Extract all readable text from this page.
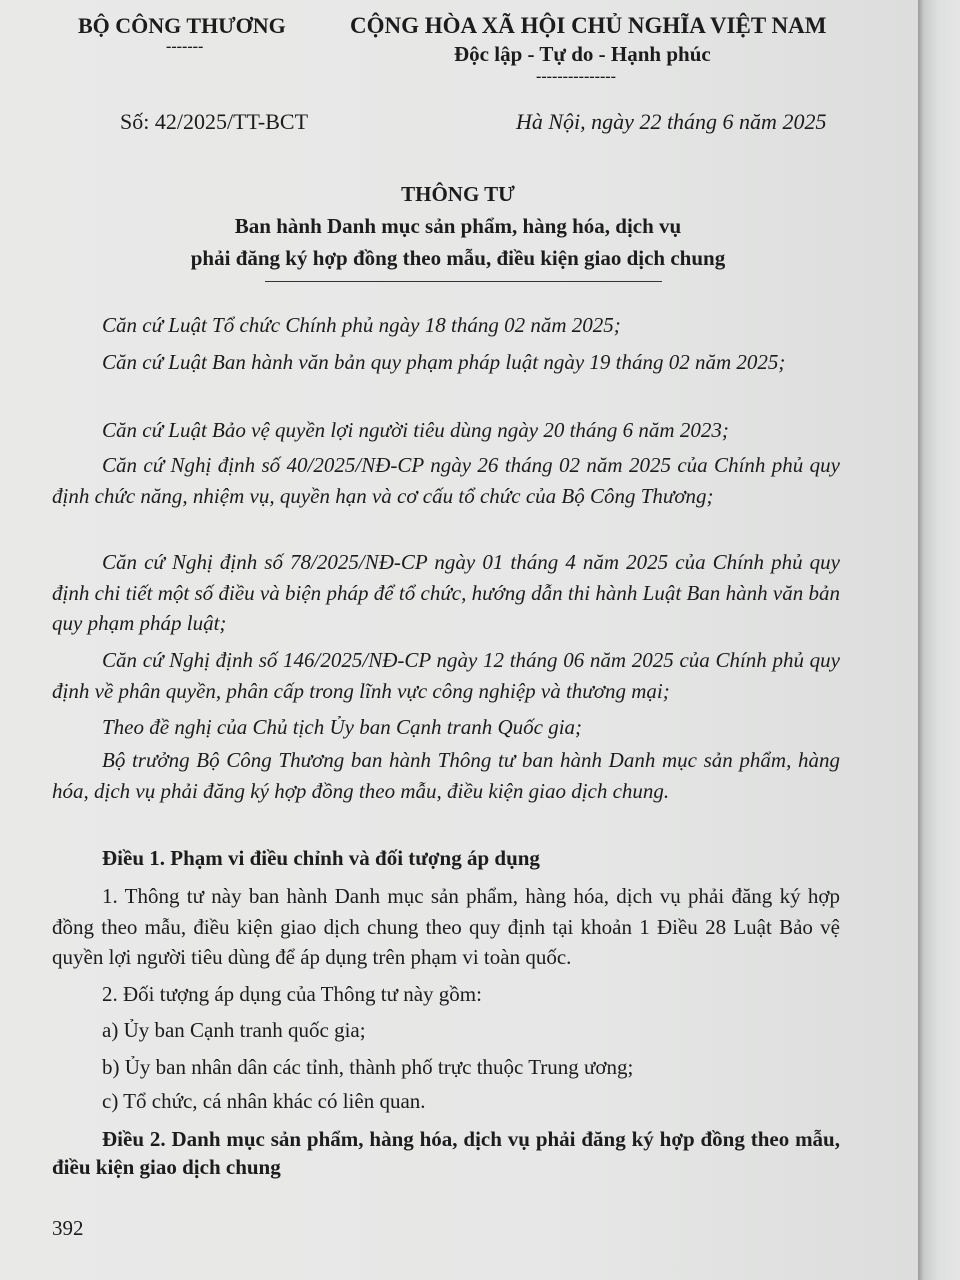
BỘ CÔNG THƯƠNG
-------
CỘNG HÒA XÃ HỘI CHỦ NGHĨA VIỆT NAM
Độc lập - Tự do - Hạnh phúc
---------------
Số: 42/2025/TT-BCT	Hà Nội, ngày 22 tháng 6 năm 2025
THÔNG TƯ
Ban hành Danh mục sản phẩm, hàng hóa, dịch vụ
phải đăng ký hợp đồng theo mẫu, điều kiện giao dịch chung
Căn cứ Luật Tổ chức Chính phủ ngày 18 tháng 02 năm 2025;
Căn cứ Luật Ban hành văn bản quy phạm pháp luật ngày 19 tháng 02 năm 2025;
Căn cứ Luật Bảo vệ quyền lợi người tiêu dùng ngày 20 tháng 6 năm 2023;
Căn cứ Nghị định số 40/2025/NĐ-CP ngày 26 tháng 02 năm 2025 của Chính phủ quy định chức năng, nhiệm vụ, quyền hạn và cơ cấu tổ chức của Bộ Công Thương;
Căn cứ Nghị định số 78/2025/NĐ-CP ngày 01 tháng 4 năm 2025 của Chính phủ quy định chi tiết một số điều và biện pháp để tổ chức, hướng dẫn thi hành Luật Ban hành văn bản quy phạm pháp luật;
Căn cứ Nghị định số 146/2025/NĐ-CP ngày 12 tháng 06 năm 2025 của Chính phủ quy định về phân quyền, phân cấp trong lĩnh vực công nghiệp và thương mại;
Theo đề nghị của Chủ tịch Ủy ban Cạnh tranh Quốc gia;
Bộ trưởng Bộ Công Thương ban hành Thông tư ban hành Danh mục sản phẩm, hàng hóa, dịch vụ phải đăng ký hợp đồng theo mẫu, điều kiện giao dịch chung.
Điều 1. Phạm vi điều chỉnh và đối tượng áp dụng
1. Thông tư này ban hành Danh mục sản phẩm, hàng hóa, dịch vụ phải đăng ký hợp đồng theo mẫu, điều kiện giao dịch chung theo quy định tại khoản 1 Điều 28 Luật Bảo vệ quyền lợi người tiêu dùng để áp dụng trên phạm vi toàn quốc.
2. Đối tượng áp dụng của Thông tư này gồm:
a) Ủy ban Cạnh tranh quốc gia;
b) Ủy ban nhân dân các tỉnh, thành phố trực thuộc Trung ương;
c) Tổ chức, cá nhân khác có liên quan.
Điều 2. Danh mục sản phẩm, hàng hóa, dịch vụ phải đăng ký hợp đồng theo mẫu, điều kiện giao dịch chung
392
